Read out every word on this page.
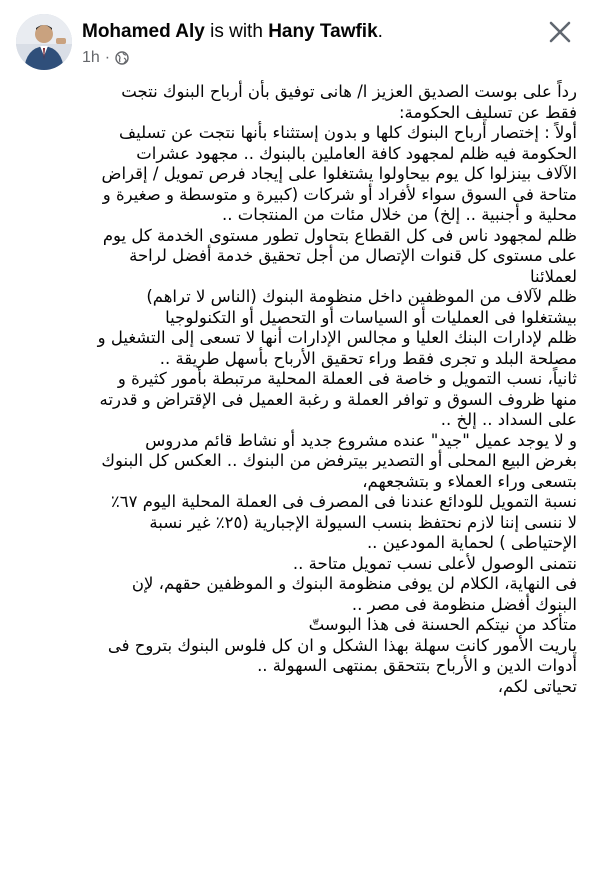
Mohamed Aly is with Hany Tawfik.
1h ·

رداً على بوست الصديق العزيز ا/ هانى توفيق بأن أرباح البنوك نتجت

فقط عن تسليف الحكومة:

أولاً : إختصار أرباح البنوك كلها و بدون إستثناء بأنها نتجت عن تسليف

الحكومة فيه ظلم لمجهود كافة العاملين بالبنوك .. مجهود عشرات

الآلاف بينزلوا كل يوم بيحاولوا يشتغلوا على إيجاد فرص تمويل / إقراض

متاحة فى السوق سواء لأفراد أو شركات (كبيرة و متوسطة و صغيرة و

محلية و أجنبية .. إلخ) من خلال مئات من المنتجات ..

ظلم لمجهود ناس فى كل القطاع بتحاول تطور مستوى الخدمة كل يوم

على مستوى كل قنوات الإتصال من أجل تحقيق خدمة أفضل لراحة

لعملائنا

ظلم لآلاف من الموظفين داخل منظومة البنوك (الناس لا تراهم)

بيشتغلوا فى العمليات أو السياسات أو التحصيل أو التكنولوجيا

ظلم لإدارات البنك العليا و مجالس الإدارات أنها لا تسعى إلى التشغيل و

مصلحة البلد و تجرى فقط وراء تحقيق الأرباح بأسهل طريقة ..

ثانياً، نسب التمويل و خاصة فى العملة المحلية مرتبطة بأمور كثيرة و

منها ظروف السوق و توافر العملة و رغبة العميل فى الإقتراض و قدرته

على السداد .. إلخ ..

و لا يوجد عميل "جيد" عنده مشروع جديد أو نشاط قائم مدروس

بغرض البيع المحلى أو التصدير بيترفض من البنوك .. العكس كل البنوك

بتسعى وراء العملاء و بتشجعهم،

نسبة التمويل للودائع عندنا فى المصرف فى العملة المحلية اليوم ٦٧٪

لا ننسى إننا لازم نحتفظ بنسب السيولة الإجبارية (٢٥٪ غير نسبة

الإحتياطى ) لحماية المودعين ..

نتمنى الوصول لأعلى نسب تمويل متاحة ..

فى النهاية، الكلام لن يوفى منظومة البنوك و الموظفين حقهم، لإن

البنوك أفضل منظومة فى مصر ..

متأكد من نيتكم الحسنة فى هذا البوستّ

ياريت الأمور كانت سهلة بهذا الشكل و ان كل فلوس البنوك بتروح فى

أدوات الدين و الأرباح بتتحقق بمنتهى السهولة ..

تحياتى لكم،
